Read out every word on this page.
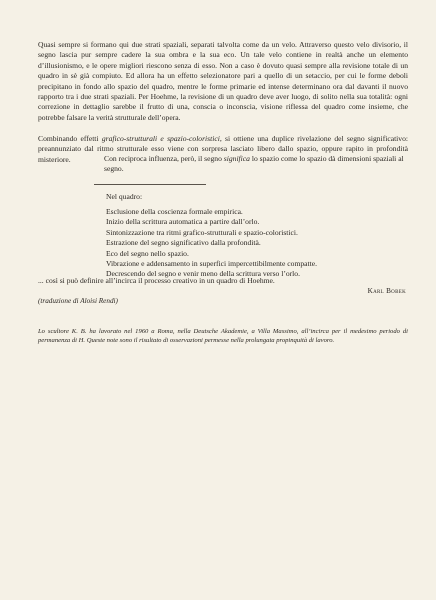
Quasi sempre si formano qui due strati spaziali, separati talvolta come da un velo. Attraverso questo velo divisorio, il segno lascia pur sempre cadere la sua ombra e la sua eco. Un tale velo contiene in realtà anche un elemento d’illusionismo, e le opere migliori riescono senza di esso. Non a caso è dovuto quasi sempre alla revisione totale di un quadro in sè già compiuto. Ed allora ha un effetto selezionatore pari a quello di un setaccio, per cui le forme deboli precipitano in fondo allo spazio del quadro, mentre le forme primarie ed intense determinano ora dal davanti il nuovo rapporto tra i due strati spaziali. Per Hoehme, la revisione di un quadro deve aver luogo, di solito nella sua totalità: ogni correzione in dettaglio sarebbe il frutto di una, conscia o inconscia, visione riflessa del quadro come insieme, che potrebbe falsare la verità strutturale dell’opera.

Combinando effetti grafico-strutturali e spazio-coloristici, si ottiene una duplice rivelazione del segno significativo: preannunziato dal ritmo strutturale esso viene con sorpresa lasciato libero dallo spazio, oppure rapito in profondità misteriore.	Con reciproca influenza, però, il segno significa lo spazio come lo spazio dà dimensioni spaziali al segno.

Nel quadro:
Esclusione della coscienza formale empirica.
Inizio della scrittura automatica a partire dall’orlo.
Sintonizzazione tra ritmi grafico-strutturali e spazio-coloristici.
Estrazione del segno significativo dalla profondità.
Eco del segno nello spazio.
Vibrazione e addensamento in superfici impercettibilmente compatte.
Decrescendo del segno e venir meno della scrittura verso l’orlo.

... così si può definire all’incirca il processo creativo in un quadro di Hoehme.

Karl Bobek

(traduzione di Aloisi Rendi)

Lo scultore K. B. ha lavorato nel 1960 a Roma, nella Deutsche Akademie, a Villa Massimo, all’incirca per il medesimo periodo di permanenza di H. Queste note sono il risultato di osservazioni permesse nella prolungata propinquità di lavoro.
